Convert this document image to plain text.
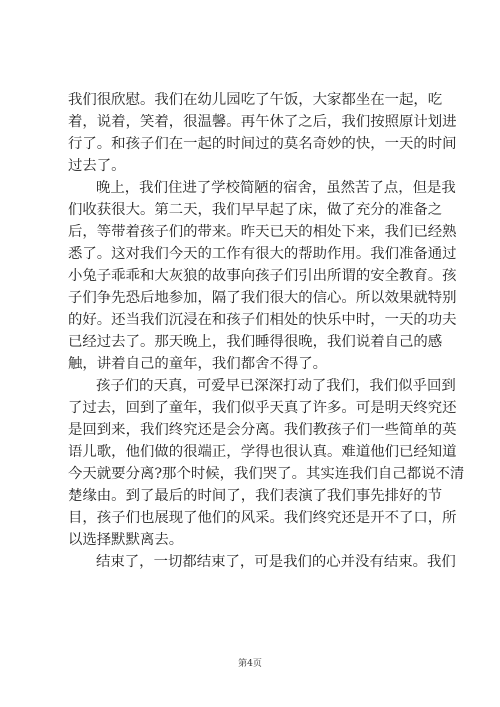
我们很欣慰。我们在幼儿园吃了午饭，大家都坐在一起，吃
着，说着，笑着，很温馨。再午休了之后，我们按照原计划进
行了。和孩子们在一起的时间过的莫名奇妙的快，一天的时间
过去了。
晚上，我们住进了学校简陋的宿舍，虽然苦了点，但是我
们收获很大。第二天，我们早早起了床，做了充分的准备之
后，等带着孩子们的带来。昨天已天的相处下来，我们已经熟
悉了。这对我们今天的工作有很大的帮助作用。我们准备通过
小兔子乖乖和大灰狼的故事向孩子们引出所谓的安全教育。孩
子们争先恐后地参加，隔了我们很大的信心。所以效果就特别
的好。还当我们沉浸在和孩子们相处的快乐中时，一天的功夫
已经过去了。那天晚上，我们睡得很晚，我们说着自己的感
触，讲着自己的童年，我们都舍不得了。
孩子们的天真，可爱早已深深打动了我们，我们似乎回到
了过去，回到了童年，我们似乎天真了许多。可是明天终究还
是回到来，我们终究还是会分离。我们教孩子们一些简单的英
语儿歌，他们做的很端正，学得也很认真。难道他们已经知道
今天就要分离?那个时候，我们哭了。其实连我们自己都说不清
楚缘由。到了最后的时间了，我们表演了我们事先排好的节
目，孩子们也展现了他们的风采。我们终究还是开不了口，所
以选择默默离去。
结束了，一切都结束了，可是我们的心并没有结束。我们
第4页
